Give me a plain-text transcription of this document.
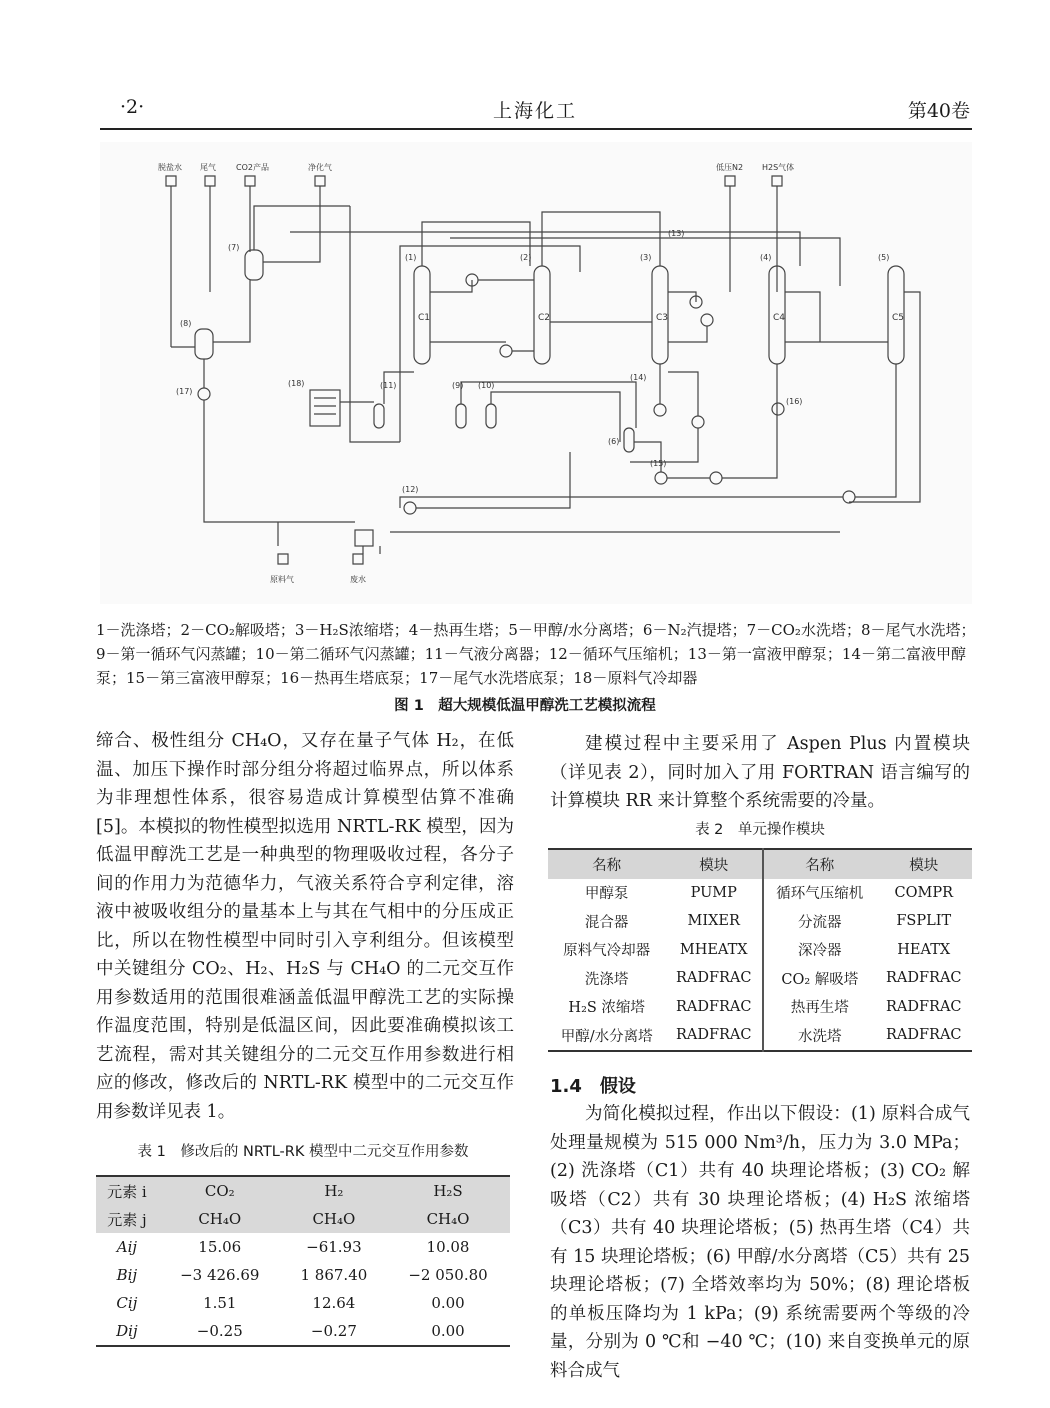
·2·	上海化工	第40卷
脱盐水 尾气	CO2产品	净化气	低压N2 H2S气体
原料气	废水
C1	C2	C3	C4	C5
(1)	(2)	(3)	(4)	(5)
(6)
(7)
(8)
(9) (10)
(11)
(12)
(13)
(14)
(15)
(16)
(17)
(18)
1－洗涤塔；2－CO₂解吸塔；3－H₂S浓缩塔；4－热再生塔；5－甲醇/水分离塔；6－N₂汽提塔；7－CO₂水洗塔；8－尾气水洗塔；
9－第一循环气闪蒸罐；10－第二循环气闪蒸罐；11－气液分离器；12－循环气压缩机；13－第一富液甲醇泵；14－第二富液甲醇
泵；15－第三富液甲醇泵；16－热再生塔底泵；17－尾气水洗塔底泵；18－原料气冷却器
图 1　超大规模低温甲醇洗工艺模拟流程

缔合、极性组分 CH₄O，又存在量子气体 H₂，在低温、加压下操作时部分组分将超过临界点，所以体系为非理想性体系，很容易造成计算模型估算不准确[5]。本模拟的物性模型拟选用 NRTL-RK 模型，因为低温甲醇洗工艺是一种典型的物理吸收过程，各分子间的作用力为范德华力，气液关系符合亨利定律，溶液中被吸收组分的量基本上与其在气相中的分压成正比，所以在物性模型中同时引入亨利组分。但该模型中关键组分 CO₂、H₂、H₂S 与 CH₄O 的二元交互作用参数适用的范围很难涵盖低温甲醇洗工艺的实际操作温度范围，特别是低温区间，因此要准确模拟该工艺流程，需对其关键组分的二元交互作用参数进行相应的修改，修改后的 NRTL-RK 模型中的二元交互作用参数详见表 1。

表 1　修改后的 NRTL-RK 模型中二元交互作用参数
元素 i	CO₂	H₂	H₂S
元素 j	CH₄O	CH₄O	CH₄O
Aij	15.06	−61.93	10.08
Bij	−3 426.69	1 867.40	−2 050.80
Cij	1.51	12.64	0.00
Dij	−0.25	−0.27	0.00

建模过程中主要采用了 Aspen Plus 内置模块（详见表 2），同时加入了用 FORTRAN 语言编写的计算模块 RR 来计算整个系统需要的冷量。

表 2　单元操作模块
名称	模块	名称	模块
甲醇泵	PUMP	循环气压缩机	COMPR
混合器	MIXER	分流器	FSPLIT
原料气冷却器	MHEATX	深冷器	HEATX
洗涤塔	RADFRAC	CO₂ 解吸塔	RADFRAC
H₂S 浓缩塔	RADFRAC	热再生塔	RADFRAC
甲醇/水分离塔	RADFRAC	水洗塔	RADFRAC
1.4　假设

为简化模拟过程，作出以下假设：(1) 原料合成气处理量规模为 515 000 Nm³/h，压力为 3.0 MPa；(2) 洗涤塔（C1）共有 40 块理论塔板；(3) CO₂ 解吸塔（C2）共有 30 块理论塔板；(4) H₂S 浓缩塔（C3）共有 40 块理论塔板；(5) 热再生塔（C4）共有 15 块理论塔板；(6) 甲醇/水分离塔（C5）共有 25 块理论塔板；(7) 全塔效率均为 50%；(8) 理论塔板的单板压降均为 1 kPa；(9) 系统需要两个等级的冷量，分别为 0 ℃和 −40 ℃；(10) 来自变换单元的原料合成气
